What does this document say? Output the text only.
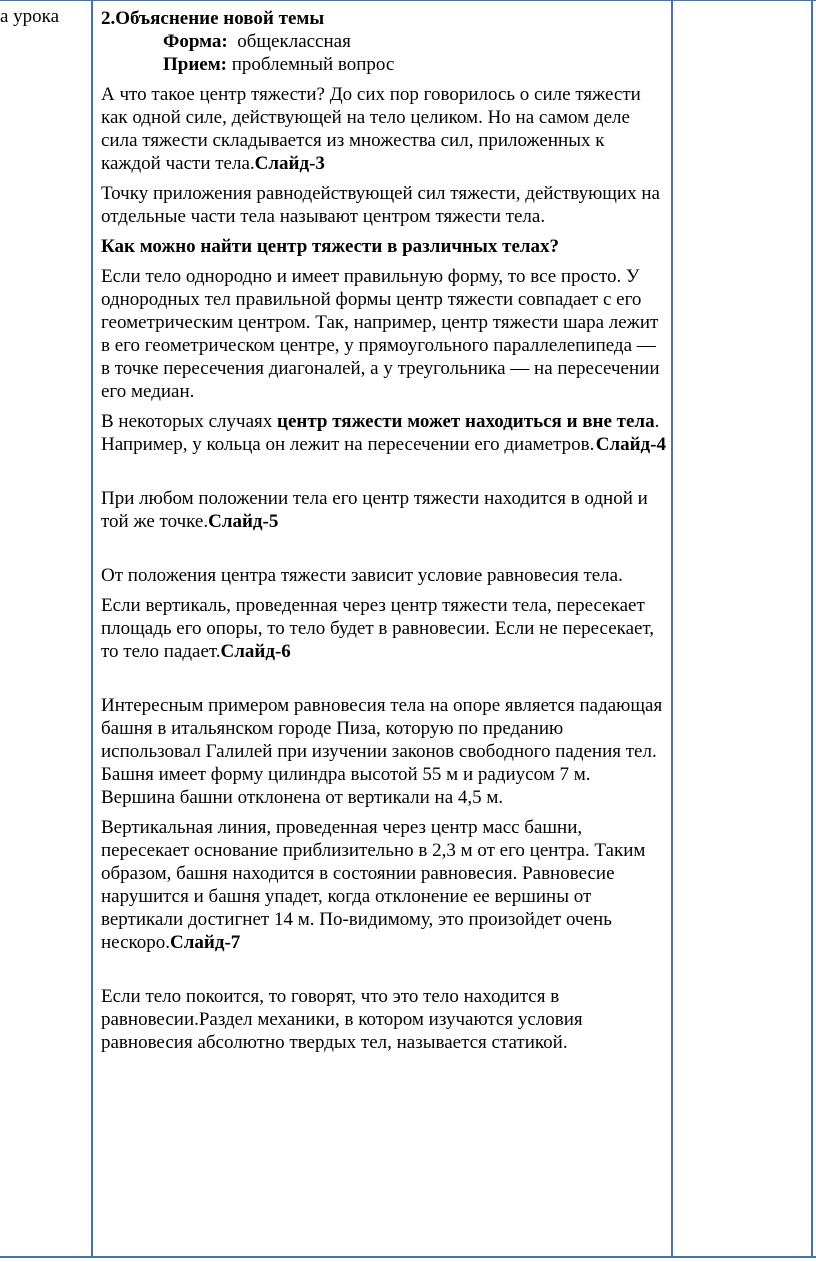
а урока 2.Объяснение новой темы
Форма: общеклассная
Прием: проблемный вопрос

А что такое центр тяжести? До сих пор говорилось о силе тяжести как одной силе, действующей на тело целиком. Но на самом деле сила тяжести складывается из множества сил, приложенных к каждой части тела.Слайд-3

Точку приложения равнодействующей сил тяжести, действующих на отдельные части тела называют центром тяжести тела.

Как можно найти центр тяжести в различных телах?

Если тело однородно и имеет правильную форму, то все просто. У однородных тел правильной формы центр тяжести совпадает с его геометрическим центром. Так, например, центр тяжести шара лежит в его геометрическом центре, у прямоугольного параллелепипеда — в точке пересечения диагоналей, а у треугольника — на пересечении его медиан.

В некоторых случаях центр тяжести может находиться и вне тела. Например, у кольца он лежит на пересечении его диаметров. Слайд-4

При любом положении тела его центр тяжести находится в одной и той же точке.Слайд-5

От положения центра тяжести зависит условие равновесия тела.

Если вертикаль, проведенная через центр тяжести тела, пересекает площадь его опоры, то тело будет в равновесии. Если не пересекает, то тело падает.Слайд-6

Интересным примером равновесия тела на опоре является падающая башня в итальянском городе Пиза, которую по преданию использовал Галилей при изучении законов свободного падения тел. Башня имеет форму цилиндра высотой 55 м и радиусом 7 м. Вершина башни отклонена от вертикали на 4,5 м.

Вертикальная линия, проведенная через центр масс башни, пересекает основание приблизительно в 2,3 м от его центра. Таким образом, башня находится в состоянии равновесия. Равновесие нарушится и башня упадет, когда отклонение ее вершины от вертикали достигнет 14 м. По-видимому, это произойдет очень нескоро.Слайд-7

Если тело покоится, то говорят, что это тело находится в равновесии.Раздел механики, в котором изучаются условия равновесия абсолютно твердых тел, называется статикой.
